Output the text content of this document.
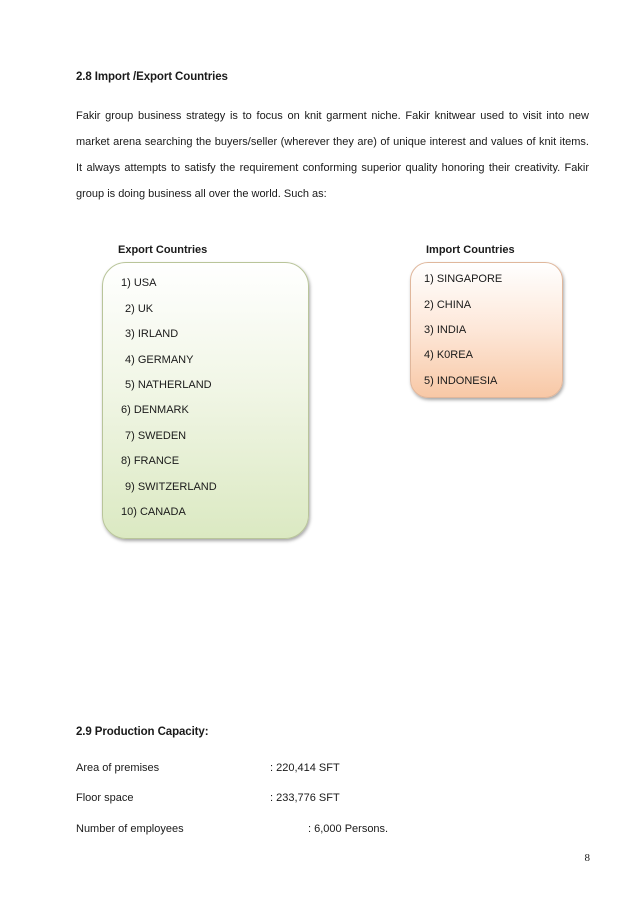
2.8 Import /Export Countries
Fakir group business strategy is to focus on knit garment niche. Fakir knitwear used to visit into new market arena searching the buyers/seller (wherever they are) of unique interest and values of knit items. It always attempts to satisfy the requirement conforming superior quality honoring their creativity. Fakir group is doing business all over the world. Such as:
Export Countries
1) USA
2) UK
3) IRLAND
4) GERMANY
5) NATHERLAND
6) DENMARK
7) SWEDEN
8) FRANCE
9) SWITZERLAND
10) CANADA
Import Countries
1) SINGAPORE
2) CHINA
3) INDIA
4) K0REA
5) INDONESIA
2.9 Production Capacity:
Area of premises	: 220,414 SFT
Floor space	: 233,776 SFT
Number of employees	: 6,000 Persons.
8
